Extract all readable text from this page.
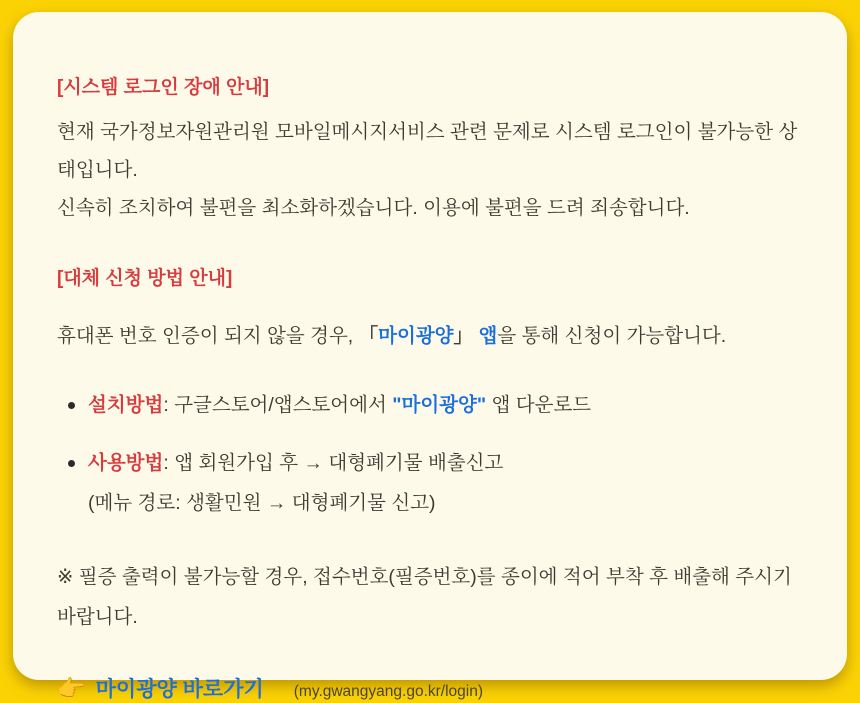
[시스템 로그인 장애 안내]

현재 국가정보자원관리원 모바일메시지서비스 관련 문제로 시스템 로그인이 불가능한 상태입니다.
신속히 조치하여 불편을 최소화하겠습니다. 이용에 불편을 드려 죄송합니다.

[대체 신청 방법 안내]

휴대폰 번호 인증이 되지 않을 경우, 「마이광양」 앱을 통해 신청이 가능합니다.

설치방법: 구글스토어/앱스토어에서 "마이광양" 앱 다운로드
사용방법: 앱 회원가입 후 → 대형폐기물 배출신고
(메뉴 경로: 생활민원 → 대형폐기물 신고)

※ 필증 출력이 불가능할 경우, 접수번호(필증번호)를 종이에 적어 부착 후 배출해 주시기 바랍니다.

👉 마이광양 바로가기 (my.gwangyang.go.kr/login)
